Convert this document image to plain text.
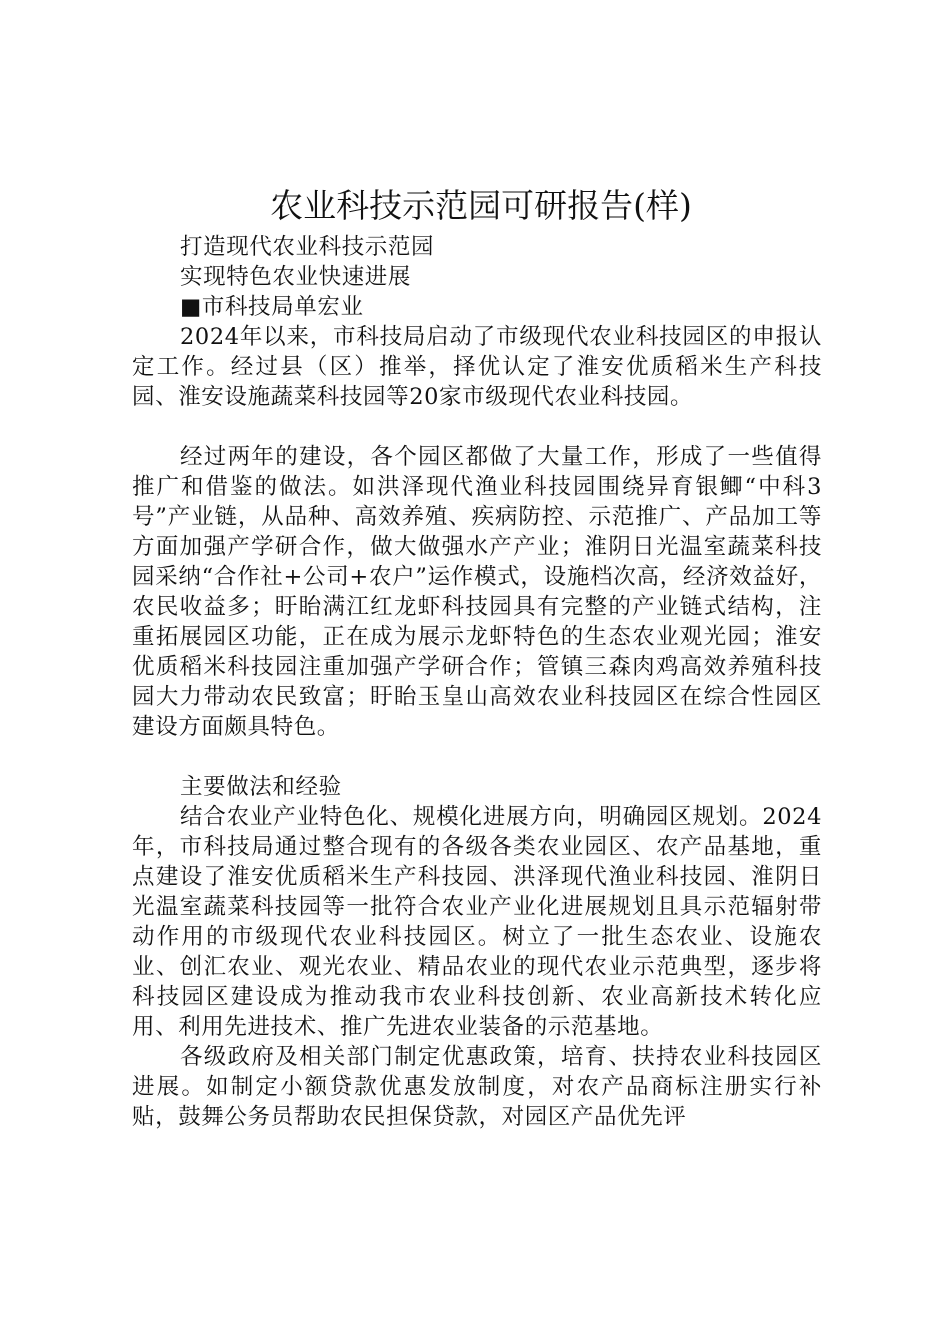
农业科技示范园可研报告(样)

打造现代农业科技示范园

实现特色农业快速进展

■市科技局单宏业

2024年以来，市科技局启动了市级现代农业科技园区的申报认定工作。经过县（区）推举，择优认定了淮安优质稻米生产科技园、淮安设施蔬菜科技园等20家市级现代农业科技园。

经过两年的建设，各个园区都做了大量工作，形成了一些值得推广和借鉴的做法。如洪泽现代渔业科技园围绕异育银鲫“中科3号”产业链，从品种、高效养殖、疾病防控、示范推广、产品加工等方面加强产学研合作，做大做强水产产业；淮阴日光温室蔬菜科技园采纳“合作社+公司+农户”运作模式，设施档次高，经济效益好，农民收益多；盱眙满江红龙虾科技园具有完整的产业链式结构，注重拓展园区功能，正在成为展示龙虾特色的生态农业观光园；淮安优质稻米科技园注重加强产学研合作；管镇三森肉鸡高效养殖科技园大力带动农民致富；盱眙玉皇山高效农业科技园区在综合性园区建设方面颇具特色。

主要做法和经验

结合农业产业特色化、规模化进展方向，明确园区规划。2024年，市科技局通过整合现有的各级各类农业园区、农产品基地，重点建设了淮安优质稻米生产科技园、洪泽现代渔业科技园、淮阴日光温室蔬菜科技园等一批符合农业产业化进展规划且具示范辐射带动作用的市级现代农业科技园区。树立了一批生态农业、设施农业、创汇农业、观光农业、精品农业的现代农业示范典型，逐步将科技园区建设成为推动我市农业科技创新、农业高新技术转化应用、利用先进技术、推广先进农业装备的示范基地。

各级政府及相关部门制定优惠政策，培育、扶持农业科技园区进展。如制定小额贷款优惠发放制度，对农产品商标注册实行补贴，鼓舞公务员帮助农民担保贷款，对园区产品优先评
